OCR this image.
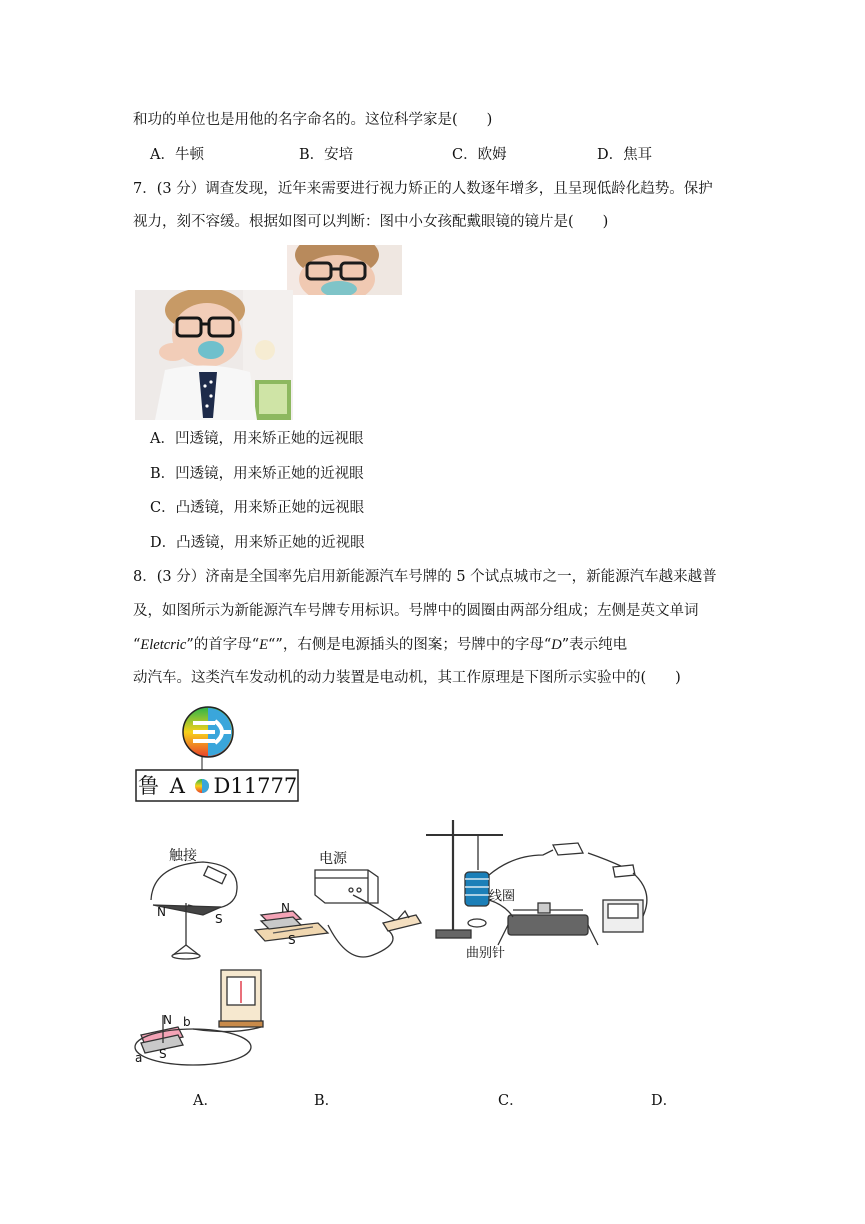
和功的单位也是用他的名字命名的。这位科学家是(　　)
A．牛顿	B．安培	C．欧姆	D．焦耳
7．(3 分）调查发现，近年来需要进行视力矫正的人数逐年增多，且呈现低龄化趋势。保护
视力，刻不容缓。根据如图可以判断：图中小女孩配戴眼镜的镜片是(　　)
A．凹透镜，用来矫正她的远视眼
B．凹透镜，用来矫正她的近视眼
C．凸透镜，用来矫正她的远视眼
D．凸透镜，用来矫正她的近视眼
8．(3 分）济南是全国率先启用新能源汽车号牌的 5 个试点城市之一，新能源汽车越来越普
及，如图所示为新能源汽车号牌专用标识。号牌中的圆圈由两部分组成；左侧是英文单词
“Eletcric”的首字母“E“”，右侧是电源插头的图案；号牌中的字母“D”表示纯电
动汽车。这类汽车发动机的动力装置是电动机，其工作原理是下图所示实验中的(　　)
鲁 A D11777
触接
N	S
电源
N
S
线圈
曲别针
N b
a S
A．	B．	C．	D．
